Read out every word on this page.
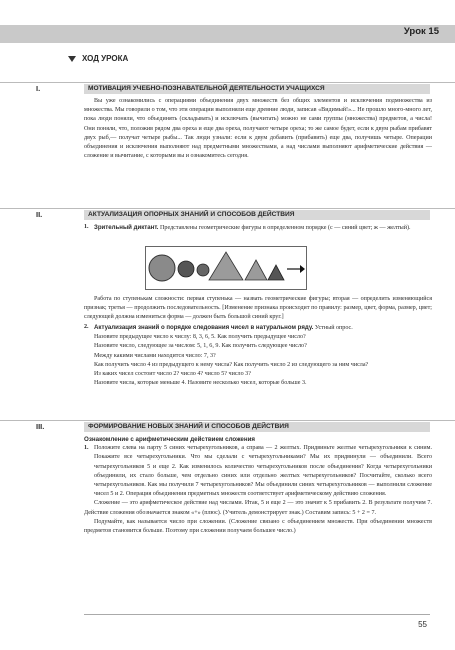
Урок 15
ХОД УРОКА
I.	МОТИВАЦИЯ УЧЕБНО-ПОЗНАВАТЕЛЬНОЙ ДЕЯТЕЛЬНОСТИ УЧАЩИХСЯ

Вы уже ознакомились с операциями объединения двух множеств без общих элементов и исключения подмножества из множества. Мы говорили о том, что эти операции выполняли еще древние люди, записав «Видимый!»... Не прошло много-много лет, пока люди поняли, что объединять (складывать) и исключать (вычитать) можно не сами группы (множества) предметов, а числа! Они поняли, что, положив рядом два ореха и еще два ореха, получают четыре ореха; то же самое будет, если к двум рыбам прибавят двух рыб,— получат четыре рыбы... Так люди узнали: если к двум добавить (прибавить) еще два, получишь четыре. Операции объединения и исключения выполняют над предметными множествами, а над числами выполняют арифметические действия — сложение и вычитание, с которыми вы и ознакомитесь сегодня.

II.	АКТУАЛИЗАЦИЯ ОПОРНЫХ ЗНАНИЙ И СПОСОБОВ ДЕЙСТВИЯ
1. Зрительный диктант. Представлены геометрические фигуры в определенном порядке (с — синий цвет; ж — желтый).

Работа по ступенькам сложности: первая ступенька — назвать геометрические фигуры; вторая — определить изменяющийся признак; третья — продолжить последовательность. [Изменение признака происходит по правилу: размер, цвет, форма, размер, цвет; следующей должна измениться форма — должен быть большой синий круг.]

2. Актуализация знаний о порядке следования чисел в натуральном ряду. Устный опрос.

Назовите предыдущее число к числу: 8, 3, 6, 5. Как получить предыдущее число?

Назовите число, следующее за числом: 5, 1, 6, 9. Как получить следующее число?

Между какими числами находится число: 7, 3?

Как получить число 4 из предыдущего к нему числа? Как получить число 2 из следующего за ним числа?

Из каких чисел состоит число 2? число 4? число 5? число 3?

Назовите числа, которые меньше 4. Назовите несколько чисел, которые больше 3.

III.	ФОРМИРОВАНИЕ НОВЫХ ЗНАНИЙ И СПОСОБОВ ДЕЙСТВИЯ

Ознакомление с арифметическим действием сложения

1. Положите слева на парту 5 синих четырехугольников, а справа — 2 желтых. Придвиньте желтые четырехугольники к синим. Покажите все четырехугольники. Что мы сделали с четырехугольниками? Мы их придвинули — объединили. Всего четырехугольников 5 и еще 2. Как изменилось количество четырехугольников после объединения? Когда четырехугольники объединили, их стало больше, чем отдельно синих или отдельно желтых четырехугольников? Посчитайте, сколько всего четырехугольников. Как мы получили 7 четырехугольников? Мы объединили синих четырехугольников — выполнили сложение чисел 5 и 2. Операция объединения предметных множеств соответствует арифметическому действию сложения.

Сложение — это арифметическое действие над числами. Итак, 5 и еще 2 — это значит к 5 прибавить 2. В результате получим 7. Действие сложения обозначается знаком «+» (плюс). (Учитель демонстрирует знак.) Составим запись: 5 + 2 = 7.

Подумайте, как называется число при сложении. (Сложение связано с объединением множеств. При объединении множеств предметов становится больше. Поэтому при сложении получаем большее число.)

55
